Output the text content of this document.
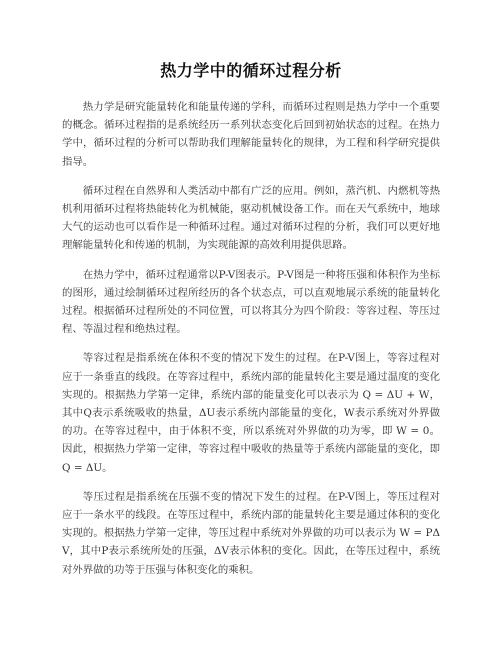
热力学中的循环过程分析

热力学是研究能量转化和能量传递的学科，而循环过程则是热力学中一个重要的概念。循环过程指的是系统经历一系列状态变化后回到初始状态的过程。在热力学中，循环过程的分析可以帮助我们理解能量转化的规律，为工程和科学研究提供指导。

循环过程在自然界和人类活动中都有广泛的应用。例如，蒸汽机、内燃机等热机利用循环过程将热能转化为机械能，驱动机械设备工作。而在天气系统中，地球大气的运动也可以看作是一种循环过程。通过对循环过程的分析，我们可以更好地理解能量转化和传递的机制，为实现能源的高效利用提供思路。

在热力学中，循环过程通常以P-V图表示。P-V图是一种将压强和体积作为坐标的图形，通过绘制循环过程所经历的各个状态点，可以直观地展示系统的能量转化过程。根据循环过程所处的不同位置，可以将其分为四个阶段：等容过程、等压过程、等温过程和绝热过程。

等容过程是指系统在体积不变的情况下发生的过程。在P-V图上，等容过程对应于一条垂直的线段。在等容过程中，系统内部的能量转化主要是通过温度的变化实现的。根据热力学第一定律，系统内部的能量变化可以表示为 Q = ΔU + W，其中Q表示系统吸收的热量，ΔU表示系统内部能量的变化，W表示系统对外界做的功。在等容过程中，由于体积不变，所以系统对外界做的功为零，即 W = 0。因此，根据热力学第一定律，等容过程中吸收的热量等于系统内部能量的变化，即 Q = ΔU。

等压过程是指系统在压强不变的情况下发生的过程。在P-V图上，等压过程对应于一条水平的线段。在等压过程中，系统内部的能量转化主要是通过体积的变化实现的。根据热力学第一定律，等压过程中系统对外界做的功可以表示为 W = PΔV，其中P表示系统所处的压强，ΔV表示体积的变化。因此，在等压过程中，系统对外界做的功等于压强与体积变化的乘积。
